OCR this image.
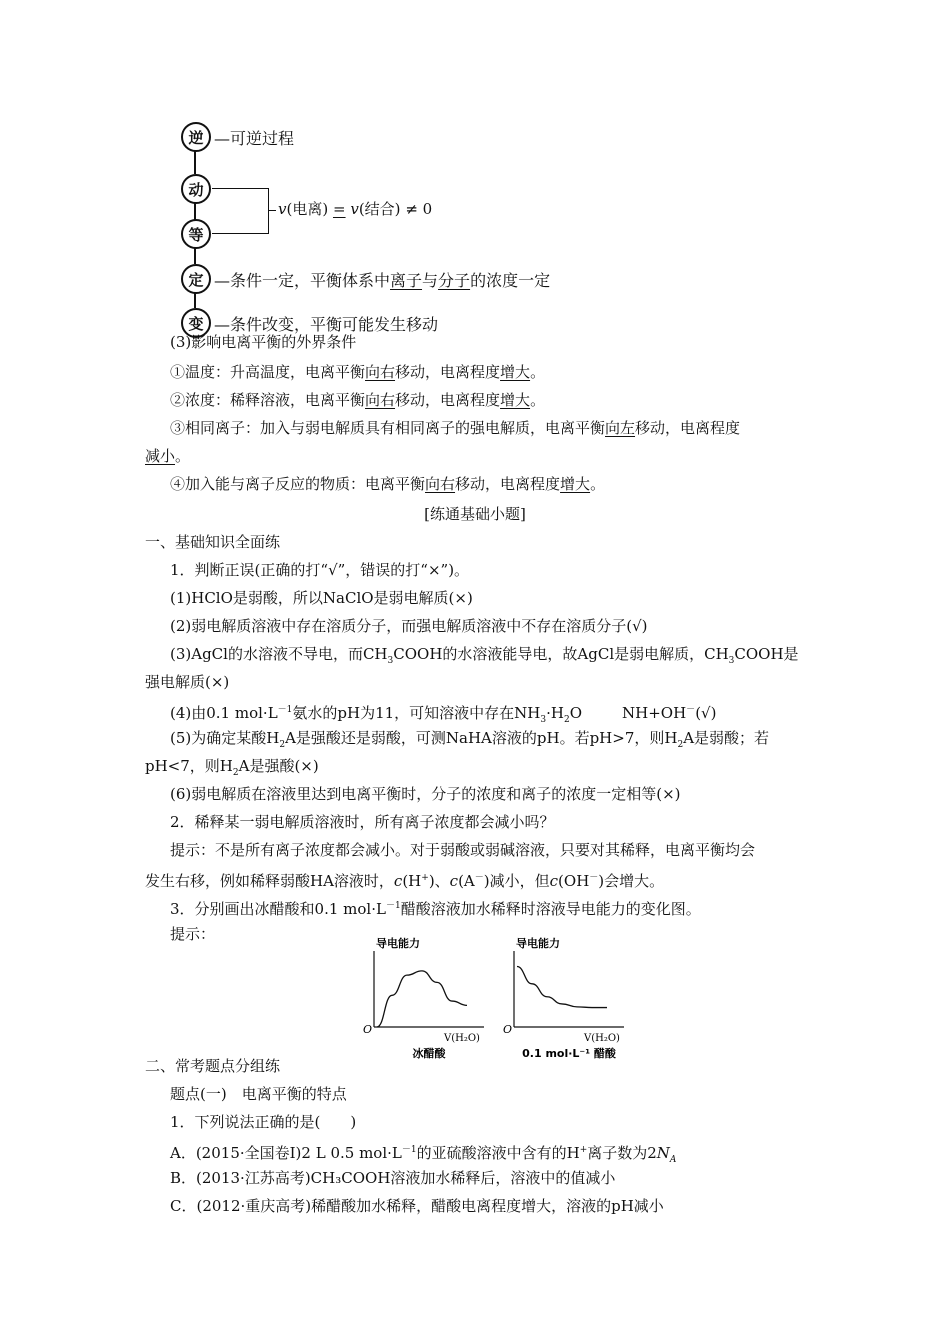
逆 —可逆过程
动
等
v(电离) = v(结合) ≠ 0
定 —条件一定，平衡体系中离子与分子的浓度一定
变 —条件改变，平衡可能发生移动
(3)影响电离平衡的外界条件
①温度：升高温度，电离平衡向右移动，电离程度增大。
②浓度：稀释溶液，电离平衡向右移动，电离程度增大。
③相同离子：加入与弱电解质具有相同离子的强电解质，电离平衡向左移动，电离程度
减小。
④加入能与离子反应的物质：电离平衡向右移动，电离程度增大。
[练通基础小题]
一、基础知识全面练
1．判断正误(正确的打“√”，错误的打“×”)。
(1)HClO是弱酸，所以NaClO是弱电解质(×)
(2)弱电解质溶液中存在溶质分子，而强电解质溶液中不存在溶质分子(√)
(3)AgCl的水溶液不导电，而$CH_3COOH$的水溶液能导电，故AgCl是弱电解质，$CH_3COOH$是
强电解质(×)
(4)由0.1 $mol\cdot L^{-1}$氨水的pH为11，可知溶液中存在$NH_3\cdot H_2O$	NH+OH－(√)
(5)为确定某酸$H_2A$是强酸还是弱酸，可测NaHA溶液的pH。若pH>7，则$H_2A$是弱酸；若
pH<7，则$H_2A$是强酸(×)
(6)弱电解质在溶液里达到电离平衡时，分子的浓度和离子的浓度一定相等(×)
2．稀释某一弱电解质溶液时，所有离子浓度都会减小吗？
提示：不是所有离子浓度都会减小。对于弱酸或弱碱溶液，只要对其稀释，电离平衡均会
发生右移，例如稀释弱酸HA溶液时，c(H+)、c(A－)减小，但c(OH－)会增大。
3．分别画出冰醋酸和0.1 $mol\cdot L^{-1}$醋酸溶液加水稀释时溶液导电能力的变化图。
提示：
导电能力
O
V(H₂O)
冰醋酸
导电能力
O
V(H₂O)
0.1 mol·L⁻¹ 醋酸
二、常考题点分组练
题点(一)　电离平衡的特点
1．下列说法正确的是(　　)
A．(2015·全国卷Ⅰ)2 L 0.5 $mol\cdot L^{-1}$的亚硫酸溶液中含有的H+离子数为$2N_A$
B．(2013·江苏高考)CH₃COOH溶液加水稀释后，溶液中的值减小
C．(2012·重庆高考)稀醋酸加水稀释，醋酸电离程度增大，溶液的pH减小
